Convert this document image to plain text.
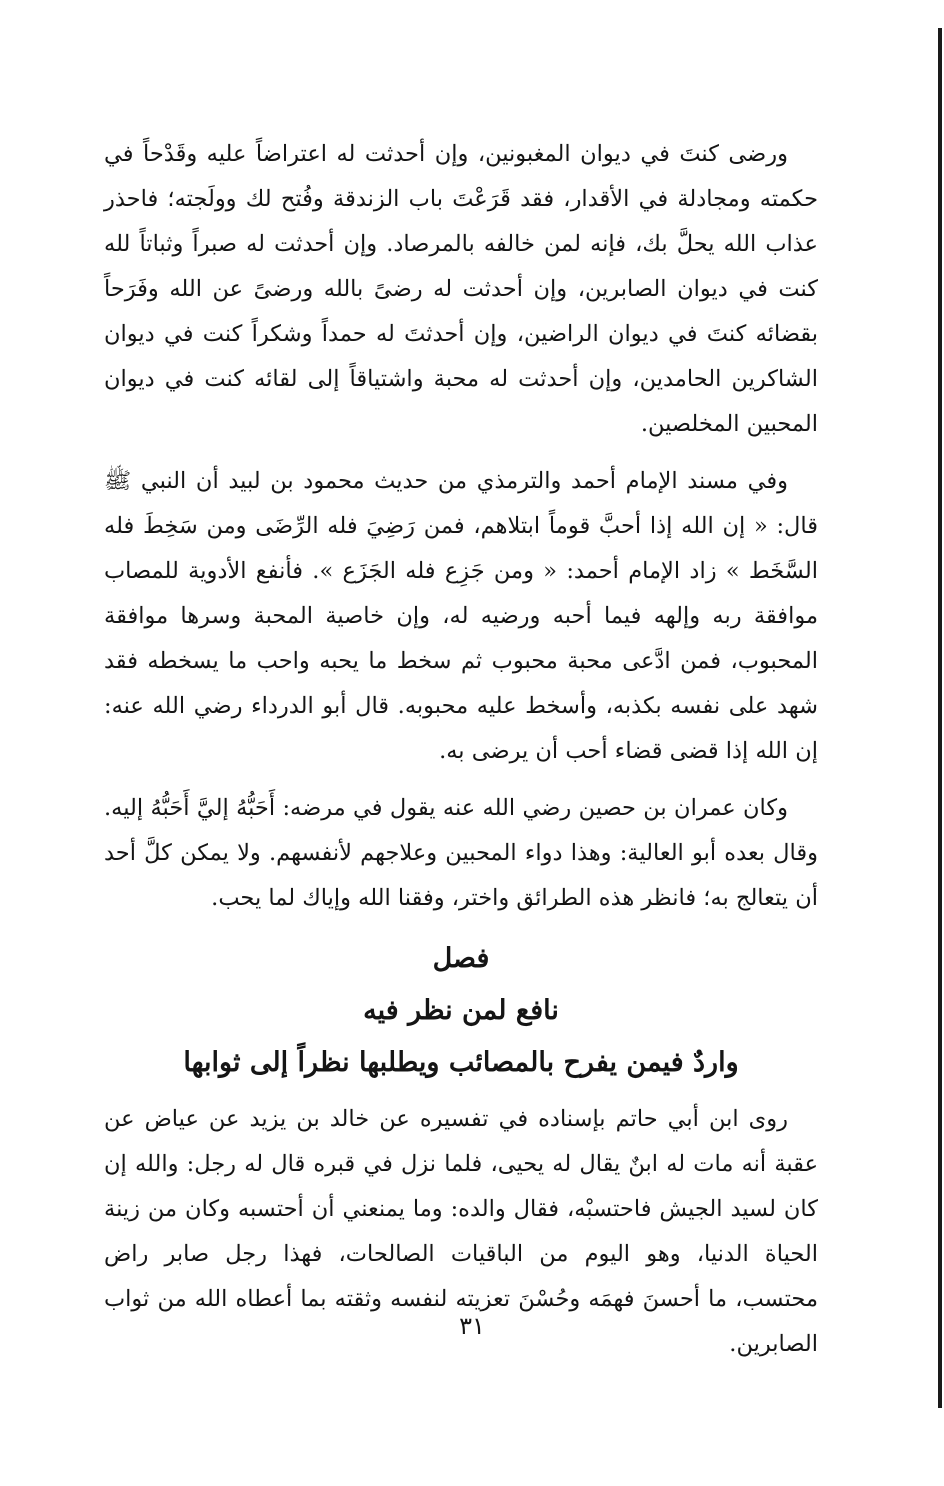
ورضى كنتَ في ديوان المغبونين، وإن أحدثت له اعتراضاً عليه وقَدْحاً في حكمته ومجادلة في الأقدار، فقد قَرَعْتَ باب الزندقة وفُتح لك وولَجته؛ فاحذر عذاب الله يحلَّ بك، فإنه لمن خالفه بالمرصاد. وإن أحدثت له صبراً وثباتاً لله كنت في ديوان الصابرين، وإن أحدثت له رضىً بالله ورضىً عن الله وفَرَحاً بقضائه كنتَ في ديوان الراضين، وإن أحدثتَ له حمداً وشكراً كنت في ديوان الشاكرين الحامدين، وإن أحدثت له محبة واشتياقاً إلى لقائه كنت في ديوان المحبين المخلصين.

وفي مسند الإمام أحمد والترمذي من حديث محمود بن لبيد أن النبي ﷺ قال: « إن الله إذا أحبَّ قوماً ابتلاهم، فمن رَضِيَ فله الرِّضَى ومن سَخِطَ فله السَّخَط » زاد الإمام أحمد: « ومن جَزِع فله الجَزَع ». فأنفع الأدوية للمصاب موافقة ربه وإلهه فيما أحبه ورضيه له، وإن خاصية المحبة وسرها موافقة المحبوب، فمن ادَّعى محبة محبوب ثم سخط ما يحبه واحب ما يسخطه فقد شهد على نفسه بكذبه، وأسخط عليه محبوبه. قال أبو الدرداء رضي الله عنه: إن الله إذا قضى قضاء أحب أن يرضى به.

وكان عمران بن حصين رضي الله عنه يقول في مرضه: أَحَبُّهُ إليَّ أَحَبُّهُ إليه. وقال بعده أبو العالية: وهذا دواء المحبين وعلاجهم لأنفسهم. ولا يمكن كلَّ أحد أن يتعالج به؛ فانظر هذه الطرائق واختر، وفقنا الله وإياك لما يحب.

فصل

نافع لمن نظر فيه

واردٌ فيمن يفرح بالمصائب ويطلبها نظراً إلى ثوابها

روى ابن أبي حاتم بإسناده في تفسيره عن خالد بن يزيد عن عياض عن عقبة أنه مات له ابنٌ يقال له يحيى، فلما نزل في قبره قال له رجل: والله إن كان لسيد الجيش فاحتسبْه، فقال والده: وما يمنعني أن أحتسبه وكان من زينة الحياة الدنيا، وهو اليوم من الباقيات الصالحات، فهذا رجل صابر راض محتسب، ما أحسنَ فهمَه وحُسْنَ تعزيته لنفسه وثقته بما أعطاه الله من ثواب الصابرين.

٣١
